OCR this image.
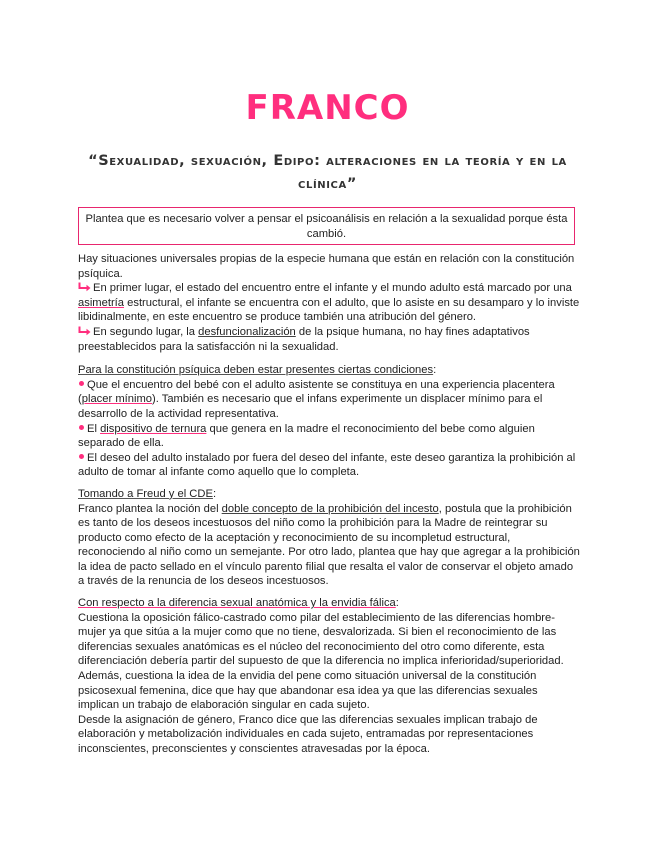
FRANCO
“Sexualidad, sexuación, Edipo: alteraciones en la teoría y en la clínica”
Plantea que es necesario volver a pensar el psicoanálisis en relación a la sexualidad porque ésta cambió.

Hay situaciones universales propias de la especie humana que están en relación con la constitución psíquica.

En primer lugar, el estado del encuentro entre el infante y el mundo adulto está marcado por una asimetría estructural, el infante se encuentra con el adulto, que lo asiste en su desamparo y lo inviste libidinalmente, en este encuentro se produce también una atribución del género.

En segundo lugar, la desfuncionalización de la psique humana, no hay fines adaptativos preestablecidos para la satisfacción ni la sexualidad.

Para la constitución psíquica deben estar presentes ciertas condiciones:

Que el encuentro del bebé con el adulto asistente se constituya en una experiencia placentera (placer mínimo). También es necesario que el infans experimente un displacer mínimo para el desarrollo de la actividad representativa.

El dispositivo de ternura que genera en la madre el reconocimiento del bebe como alguien separado de ella.

El deseo del adulto instalado por fuera del deseo del infante, este deseo garantiza la prohibición al adulto de tomar al infante como aquello que lo completa.

Tomando a Freud y el CDE:

Franco plantea la noción del doble concepto de la prohibición del incesto, postula que la prohibición es tanto de los deseos incestuosos del niño como la prohibición para la Madre de reintegrar su producto como efecto de la aceptación y reconocimiento de su incompletud estructural, reconociendo al niño como un semejante. Por otro lado, plantea que hay que agregar a la prohibición la idea de pacto sellado en el vínculo parento filial que resalta el valor de conservar el objeto amado a través de la renuncia de los deseos incestuosos.

Con respecto a la diferencia sexual anatómica y la envidia fálica:

Cuestiona la oposición fálico-castrado como pilar del establecimiento de las diferencias hombre-mujer ya que sitúa a la mujer como que no tiene, desvalorizada. Si bien el reconocimiento de las diferencias sexuales anatómicas es el núcleo del reconocimiento del otro como diferente, esta diferenciación debería partir del supuesto de que la diferencia no implica inferioridad/superioridad. Además, cuestiona la idea de la envidia del pene como situación universal de la constitución psicosexual femenina, dice que hay que abandonar esa idea ya que las diferencias sexuales implican un trabajo de elaboración singular en cada sujeto.

Desde la asignación de género, Franco dice que las diferencias sexuales implican trabajo de elaboración y metabolización individuales en cada sujeto, entramadas por representaciones inconscientes, preconscientes y conscientes atravesadas por la época.
